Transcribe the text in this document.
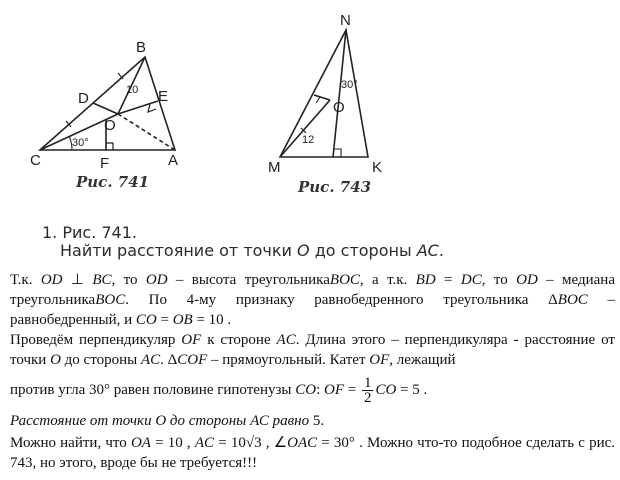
B
D	E
O
C	F	A
10
30°
Рис. 741
N
O
M	K
12
30°
Рис. 743
1. Рис. 741.

Найти расстояние от точки О до стороны АС.

Т.к. OD ⊥ BC, то OD – высота треугольникаBOC, а т.к. BD = DC, то OD – медиана треугольникаBOC. По 4-му признаку равнобедренного треугольника ΔBOC – равнобедренный, и CO = OB = 10 .

Проведём перпендикуляр OF к стороне AC. Длина этого – перпендикуляра - расстояние от точки O до стороны AC. ΔCOF – прямоугольный. Катет OF, лежащий

против угла 30° равен половине гипотенузы CO: OF = $\frac{1}{2}$ CO = 5 .

Расстояние от точки О до стороны АС равно 5.

Можно найти, что OA = 10 , AC = 10√3 , ∠OAC = 30° . Можно что-то подобное сделать с рис. 743, но этого, вроде бы не требуется!!!
